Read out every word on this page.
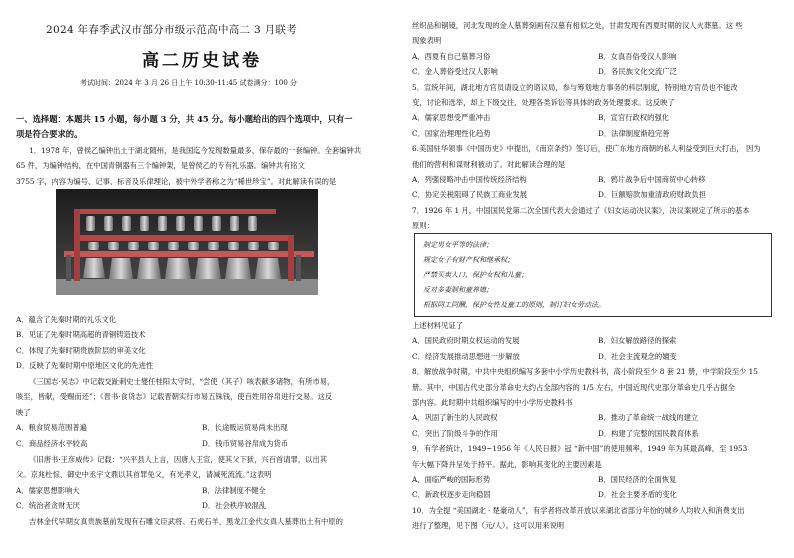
2024 年春季武汉市部分市级示范高中高二 3 月联考
高二历史试卷
考试时间：2024 年 3 月 26 日上午 10:30-11:45 试卷满分：100 分

一、选择题：本题共 15 小题，每小题 3 分，共 45 分。每小题给出的四个选项中，只有一

项是符合要求的。

1．1978 年，曾侯乙编钟出土于湖北随州，是我国迄今发现数量最多、保存最的一套编钟。全套编钟共

65 件，为编钟结构，在中国青铜器有三个编钟架，是曾侯乙的专有礼乐器。编钟共有铭文

3755 字，内容为编号、记事、标音及乐律理论，被中外学者称之为“稀世珍宝”。对此解读有误的是

A．蕴含了先秦时期的礼乐文化

B．见证了先秦时期高超的青铜铸造技术

C．体现了先秦时期贵族阶层的审美文化

D．反映了先秦时期中原地区文化的先进性

《三国志·吴志》中记载交趾刺史士燮任桂阳太守时，“尝使（其子）咳表献多诸物，有所市易，

咳至，皆献，受赐而还”；《晋书·食货志》记载晋朝实行市易五铢钱，使百姓用谷帛进行交易。这反

映了

A．粮食贸易范围普遍	B．长途贩运贸易尚未出现
C．商品经济水平较高	D．钱币贸易谷帛成为货币

《旧唐书·王彦威传》记载：“兴平县人上言，因唐人王宣，使其父下狱，兴百首请罪，以出其

父。京兆杜悰、御史中丞宇文鼎以其首罪免父，有光孝义，请减死流流。”这表明

A．儒家思想影响大	B．法律制度不健全
C．统治者贪财无厌	D．社会秩序较混乱

吉林金代早期女真贵族墓前发现有石雕文臣武将、石虎石羊，黑龙江金代女真人墓葬出土有中原的

丝织品和铜镜，河北发现的金人墓葬刻画有汉墓有相似之处，甘肃发现有西夏时期的汉人火葬墓。这 些

现象表明

A．西夏有自己墓葬习俗	B．女真吾俗受汉人影响
C．金人葬俗受过汉人影响	D．各民族文化交流广泛

5．宣统年间，湖北地方官员请设立的谘议局，参与筹划地方事务的科层制度，特别地方官员也不能改

变，讨论和选举，却上下级交往、处理各类诉讼等具体的政务处理要求。这反映了

A．儒家思想受严重冲击	B．宣官行政权的强化
C．国家治理理性化趋势	D．法律制度渐趋完善

6.美国驻华领事《中国历史》中提出，《南京条约》签订后，使广东地方商朝的私人利益受到巨大打击， 因为

他们的营利和谋财利被动了。对此解读合理的是

A．列强侵略冲击中国传统经济结构	B．鸦片战争后中国商贸中心转移
C．协定关税阻碍了民族工商业发展	D．巨额赔款加重清政府财政负担

7．1926 年 1 月，中国国民党第二次全国代表大会通过了《妇女运动决议案》，决议案规定了所示的基本

原则：

制定男女平等的法律；

规定女子有财产权和继承权；

严禁买卖人口，保护女权和儿童；

反对多妻制和童养媳；

根据同工同酬，保护女性及童工的原则，制订妇女劳动法。

上述材料见证了

A．国民政府时期女权运动的发展	B．妇女解放路径的探索
C．经济发展推动思想进一步解放	D．社会主流观念的嬗变

8．解放战争时期，中共中央组织编写多套中小学历史教科书，高小阶段至少 8 套 21 册，中学阶段至少 15

册。其中，中国古代史部分革命史大约占全部内容的 1/5 左右，中国近现代史部分革命史几乎占据全

部内容。此时期中共组织编写的中小学历史教科书

A．巩固了新生的人民政权	B．推动了革命统一战线的建立
C．突出了阶级斗争的作用	D．构建了完整的国民教育体系

9．有学者统计，1949~1956 年《人民日报》冠 “新中国”的使用频率，1949 年为其最高峰，至 1953

年大幅下降并呈处于持平。据此，影响其变化的主要因素是

A．面临严峻的国际形势	B．国民经济的全面恢复
C．新政权逐步走向稳固	D．社会主要矛盾的变化

10．为全提 “美国湖北 · 楚豪动人”，有学者将改革开放以来湖北省部分年份的城乡人均收入和消费支出

进行了整理，见下图（元/人）。这可以用来说明
